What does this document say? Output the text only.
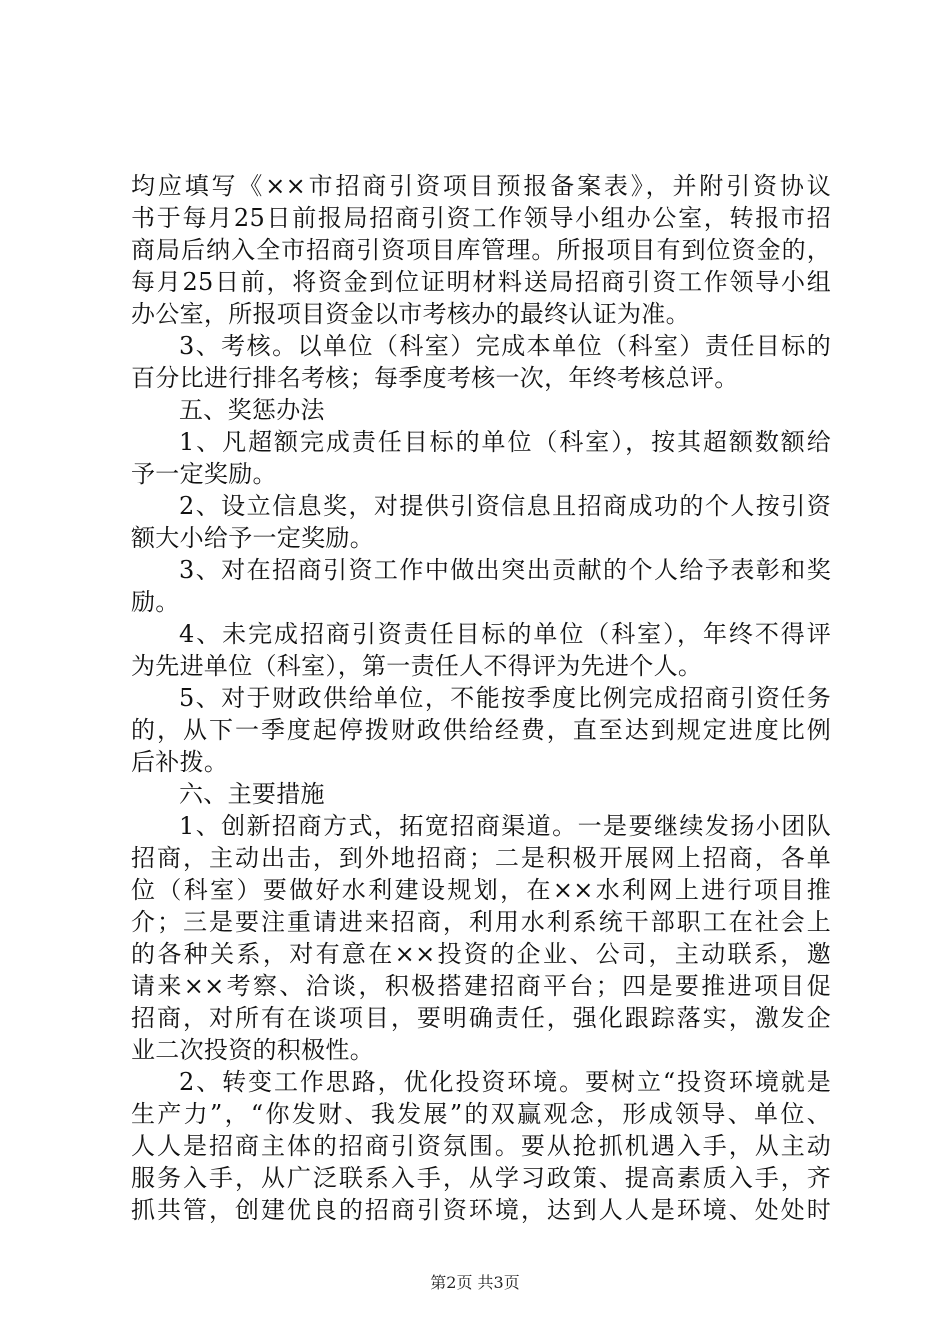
均应填写《××市招商引资项目预报备案表》，并附引资协议
书于每月25日前报局招商引资工作领导小组办公室，转报市招
商局后纳入全市招商引资项目库管理。所报项目有到位资金的，
每月25日前，将资金到位证明材料送局招商引资工作领导小组
办公室，所报项目资金以市考核办的最终认证为准。
3、考核。以单位（科室）完成本单位（科室）责任目标的
百分比进行排名考核；每季度考核一次，年终考核总评。
五、奖惩办法
1、凡超额完成责任目标的单位（科室），按其超额数额给
予一定奖励。
2、设立信息奖，对提供引资信息且招商成功的个人按引资
额大小给予一定奖励。
3、对在招商引资工作中做出突出贡献的个人给予表彰和奖
励。
4、未完成招商引资责任目标的单位（科室），年终不得评
为先进单位（科室），第一责任人不得评为先进个人。
5、对于财政供给单位，不能按季度比例完成招商引资任务
的，从下一季度起停拨财政供给经费，直至达到规定进度比例
后补拨。
六、主要措施
1、创新招商方式，拓宽招商渠道。一是要继续发扬小团队
招商，主动出击，到外地招商；二是积极开展网上招商，各单
位（科室）要做好水利建设规划，在××水利网上进行项目推
介；三是要注重请进来招商，利用水利系统干部职工在社会上
的各种关系，对有意在××投资的企业、公司，主动联系，邀
请来××考察、洽谈，积极搭建招商平台；四是要推进项目促
招商，对所有在谈项目，要明确责任，强化跟踪落实，激发企
业二次投资的积极性。
2、转变工作思路，优化投资环境。要树立“投资环境就是
生产力”，“你发财、我发展”的双赢观念，形成领导、单位、
人人是招商主体的招商引资氛围。要从抢抓机遇入手，从主动
服务入手，从广泛联系入手，从学习政策、提高素质入手，齐
抓共管，创建优良的招商引资环境，达到人人是环境、处处时
第2页 共3页
